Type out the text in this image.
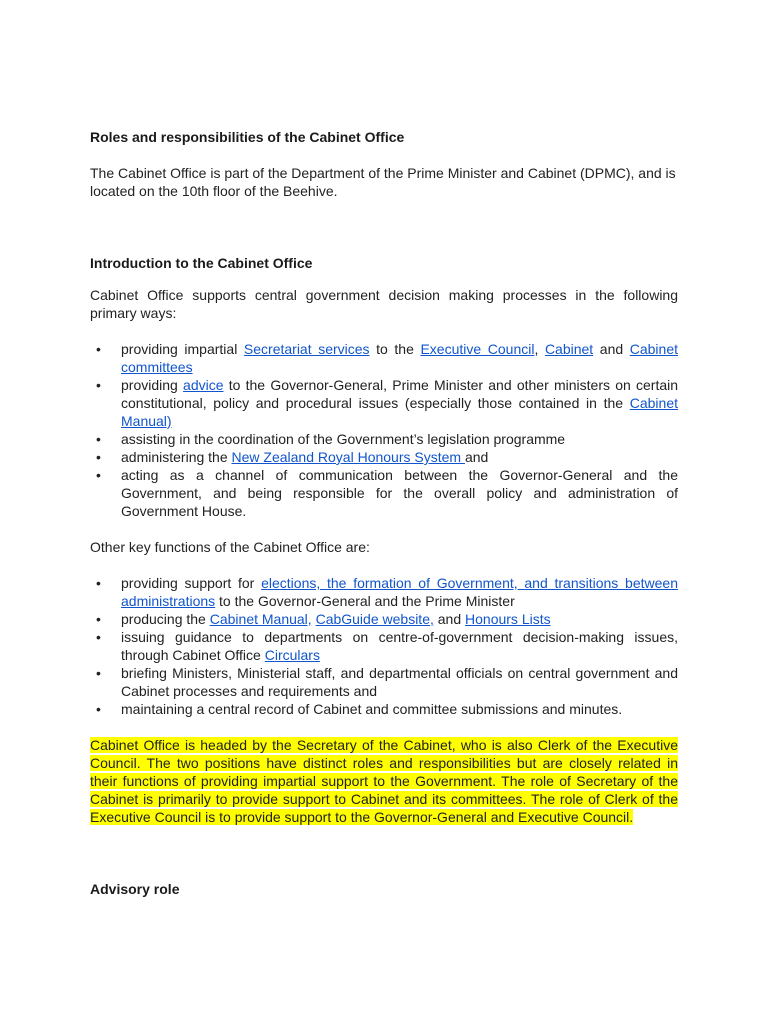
Roles and responsibilities of the Cabinet Office

The Cabinet Office is part of the Department of the Prime Minister and Cabinet (DPMC), and is located on the 10th floor of the Beehive.

Introduction to the Cabinet Office

Cabinet Office supports central government decision making processes in the following primary ways:

• providing impartial Secretariat services to the Executive Council, Cabinet and Cabinet committees
• providing advice to the Governor-General, Prime Minister and other ministers on certain constitutional, policy and procedural issues (especially those contained in the Cabinet Manual)
• assisting in the coordination of the Government’s legislation programme
• administering the New Zealand Royal Honours System and
• acting as a channel of communication between the Governor-General and the Government, and being responsible for the overall policy and administration of Government House.

Other key functions of the Cabinet Office are:

• providing support for elections, the formation of Government, and transitions between administrations to the Governor-General and the Prime Minister
• producing the Cabinet Manual, CabGuide website, and Honours Lists
• issuing guidance to departments on centre-of-government decision-making issues, through Cabinet Office Circulars
• briefing Ministers, Ministerial staff, and departmental officials on central government and Cabinet processes and requirements and
• maintaining a central record of Cabinet and committee submissions and minutes.

Cabinet Office is headed by the Secretary of the Cabinet, who is also Clerk of the Executive Council. The two positions have distinct roles and responsibilities but are closely related in their functions of providing impartial support to the Government. The role of Secretary of the Cabinet is primarily to provide support to Cabinet and its committees. The role of Clerk of the Executive Council is to provide support to the Governor-General and Executive Council.

Advisory role
